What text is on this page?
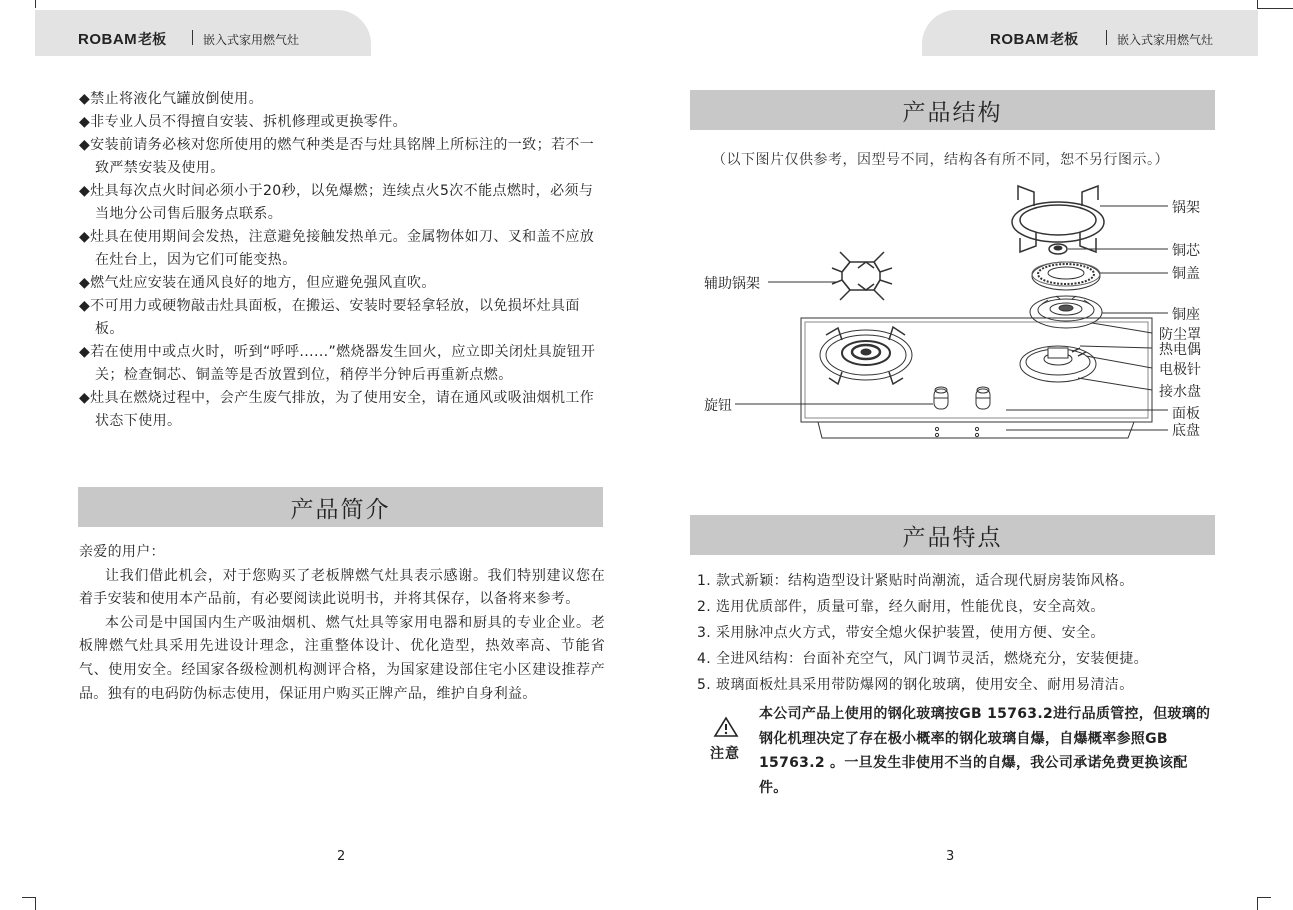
ROBAM老板	嵌入式家用燃气灶
◆禁止将液化气罐放倒使用。
◆非专业人员不得擅自安装、拆机修理或更换零件。
◆安装前请务必核对您所使用的燃气种类是否与灶具铭牌上所标注的一致；若不一致严禁安装及使用。
◆灶具每次点火时间必须小于20秒，以免爆燃；连续点火5次不能点燃时，必须与当地分公司售后服务点联系。
◆灶具在使用期间会发热，注意避免接触发热单元。金属物体如刀、叉和盖不应放在灶台上，因为它们可能变热。
◆燃气灶应安装在通风良好的地方，但应避免强风直吹。
◆不可用力或硬物敲击灶具面板，在搬运、安装时要轻拿轻放，以免损坏灶具面板。
◆若在使用中或点火时，听到“呼呼......”燃烧器发生回火，应立即关闭灶具旋钮开关；检查铜芯、铜盖等是否放置到位，稍停半分钟后再重新点燃。
◆灶具在燃烧过程中，会产生废气排放，为了使用安全，请在通风或吸油烟机工作状态下使用。
产品简介

亲爱的用户：

让我们借此机会，对于您购买了老板牌燃气灶具表示感谢。我们特别建议您在着手安装和使用本产品前，有必要阅读此说明书，并将其保存，以备将来参考。

本公司是中国国内生产吸油烟机、燃气灶具等家用电器和厨具的专业企业。老板牌燃气灶具采用先进设计理念，注重整体设计、优化造型，热效率高、节能省气、使用安全。经国家各级检测机构测评合格，为国家建设部住宅小区建设推荐产品。独有的电码防伪标志使用，保证用户购买正牌产品，维护自身利益。

2
ROBAM老板	嵌入式家用燃气灶
产品结构
（以下图片仅供参考，因型号不同，结构各有所不同，恕不另行图示。）
锅架
铜芯
铜盖
辅助锅架
铜座
防尘罩
热电偶
电极针
接水盘
旋钮	面板
底盘
产品特点
1. 款式新颖：结构造型设计紧贴时尚潮流，适合现代厨房装饰风格。
2. 选用优质部件，质量可靠，经久耐用，性能优良，安全高效。
3. 采用脉冲点火方式，带安全熄火保护装置，使用方便、安全。
4. 全进风结构：台面补充空气，风门调节灵活，燃烧充分，安装便捷。
5. 玻璃面板灶具采用带防爆网的钢化玻璃，使用安全、耐用易清洁。
注意
本公司产品上使用的钢化玻璃按GB 15763.2进行品质管控，但玻璃的钢化机理决定了存在极小概率的钢化玻璃自爆，自爆概率参照GB 15763.2 。一旦发生非使用不当的自爆，我公司承诺免费更换该配件。
3
